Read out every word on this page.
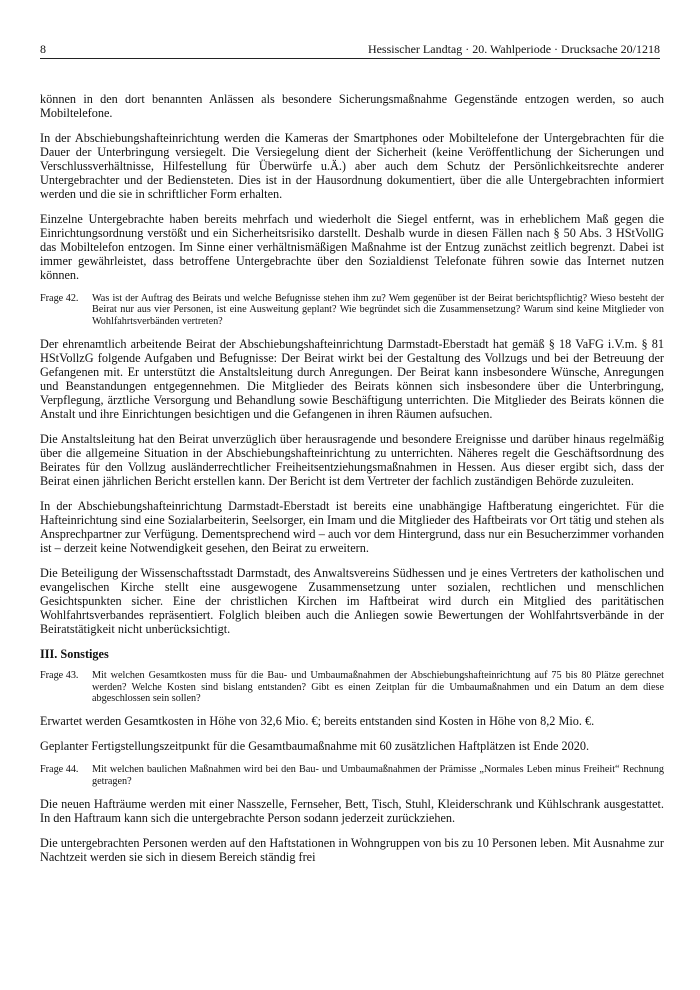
8	Hessischer Landtag · 20. Wahlperiode · Drucksache 20/1218

können in den dort benannten Anlässen als besondere Sicherungsmaßnahme Gegenstände entzogen werden, so auch Mobiltelefone.

In der Abschiebungshafteinrichtung werden die Kameras der Smartphones oder Mobiltelefone der Untergebrachten für die Dauer der Unterbringung versiegelt. Die Versiegelung dient der Sicherheit (keine Veröffentlichung der Sicherungen und Verschlussverhältnisse, Hilfestellung für Überwürfe u.Ä.) aber auch dem Schutz der Persönlichkeitsrechte anderer Untergebrachter und der Bediensteten. Dies ist in der Hausordnung dokumentiert, über die alle Untergebrachten informiert werden und die sie in schriftlicher Form erhalten.

Einzelne Untergebrachte haben bereits mehrfach und wiederholt die Siegel entfernt, was in erheblichem Maß gegen die Einrichtungsordnung verstößt und ein Sicherheitsrisiko darstellt. Deshalb wurde in diesen Fällen nach § 50 Abs. 3 HStVollG das Mobiltelefon entzogen. Im Sinne einer verhältnismäßigen Maßnahme ist der Entzug zunächst zeitlich begrenzt. Dabei ist immer gewährleistet, dass betroffene Untergebrachte über den Sozialdienst Telefonate führen sowie das Internet nutzen können.

Frage 42.	Was ist der Auftrag des Beirats und welche Befugnisse stehen ihm zu? Wem gegenüber ist der Beirat berichtspflichtig? Wieso besteht der Beirat nur aus vier Personen, ist eine Ausweitung geplant? Wie begründet sich die Zusammensetzung? Warum sind keine Mitglieder von Wohlfahrtsverbänden vertreten?

Der ehrenamtlich arbeitende Beirat der Abschiebungshafteinrichtung Darmstadt-Eberstadt hat gemäß § 18 VaFG i.V.m. § 81 HStVollzG folgende Aufgaben und Befugnisse: Der Beirat wirkt bei der Gestaltung des Vollzugs und bei der Betreuung der Gefangenen mit. Er unterstützt die Anstaltsleitung durch Anregungen. Der Beirat kann insbesondere Wünsche, Anregungen und Beanstandungen entgegennehmen. Die Mitglieder des Beirats können sich insbesondere über die Unterbringung, Verpflegung, ärztliche Versorgung und Behandlung sowie Beschäftigung unterrichten. Die Mitglieder des Beirats können die Anstalt und ihre Einrichtungen besichtigen und die Gefangenen in ihren Räumen aufsuchen.

Die Anstaltsleitung hat den Beirat unverzüglich über herausragende und besondere Ereignisse und darüber hinaus regelmäßig über die allgemeine Situation in der Abschiebungshafteinrichtung zu unterrichten. Näheres regelt die Geschäftsordnung des Beirates für den Vollzug ausländerrechtlicher Freiheitsentziehungsmaßnahmen in Hessen. Aus dieser ergibt sich, dass der Beirat einen jährlichen Bericht erstellen kann. Der Bericht ist dem Vertreter der fachlich zuständigen Behörde zuzuleiten.

In der Abschiebungshafteinrichtung Darmstadt-Eberstadt ist bereits eine unabhängige Haftberatung eingerichtet. Für die Hafteinrichtung sind eine Sozialarbeiterin, Seelsorger, ein Imam und die Mitglieder des Haftbeirats vor Ort tätig und stehen als Ansprechpartner zur Verfügung. Dementsprechend wird – auch vor dem Hintergrund, dass nur ein Besucherzimmer vorhanden ist – derzeit keine Notwendigkeit gesehen, den Beirat zu erweitern.

Die Beteiligung der Wissenschaftsstadt Darmstadt, des Anwaltsvereins Südhessen und je eines Vertreters der katholischen und evangelischen Kirche stellt eine ausgewogene Zusammensetzung unter sozialen, rechtlichen und menschlichen Gesichtspunkten sicher. Eine der christlichen Kirchen im Haftbeirat wird durch ein Mitglied des paritätischen Wohlfahrtsverbandes repräsentiert. Folglich bleiben auch die Anliegen sowie Bewertungen der Wohlfahrtsverbände in der Beiratstätigkeit nicht unberücksichtigt.

III. Sonstiges
Frage 43.	Mit welchen Gesamtkosten muss für die Bau- und Umbaumaßnahmen der Abschiebungshafteinrichtung auf 75 bis 80 Plätze gerechnet werden? Welche Kosten sind bislang entstanden? Gibt es einen Zeitplan für die Umbaumaßnahmen und ein Datum an dem diese abgeschlossen sein sollen?

Erwartet werden Gesamtkosten in Höhe von 32,6 Mio. €; bereits entstanden sind Kosten in Höhe von 8,2 Mio. €.

Geplanter Fertigstellungszeitpunkt für die Gesamtbaumaßnahme mit 60 zusätzlichen Haftplätzen ist Ende 2020.

Frage 44.	Mit welchen baulichen Maßnahmen wird bei den Bau- und Umbaumaßnahmen der Prämisse „Normales Leben minus Freiheit“ Rechnung getragen?

Die neuen Hafträume werden mit einer Nasszelle, Fernseher, Bett, Tisch, Stuhl, Kleiderschrank und Kühlschrank ausgestattet. In den Haftraum kann sich die untergebrachte Person sodann jederzeit zurückziehen.

Die untergebrachten Personen werden auf den Haftstationen in Wohngruppen von bis zu 10 Personen leben. Mit Ausnahme zur Nachtzeit werden sie sich in diesem Bereich ständig frei
